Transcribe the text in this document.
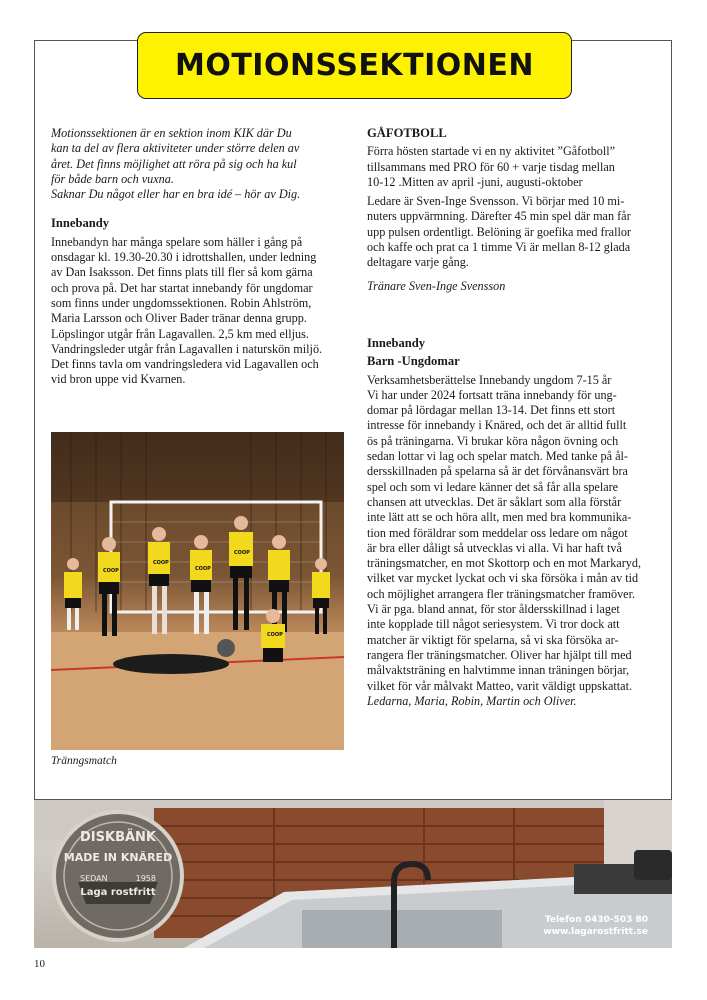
MOTIONSSEKTIONEN

Motionssektionen är en sektion inom KIK där Du

kan ta del av flera aktiviteter under större delen av

året. Det finns möjlighet att röra på sig och ha kul

för både barn och vuxna.

Saknar Du något eller har en bra idé – hör av Dig.

Innebandy

Innebandyn har många spelare som häller i gång på

onsdagar kl. 19.30-20.30 i idrottshallen, under ledning

av Dan Isaksson. Det finns plats till fler så kom gärna

och prova på. Det har startat innebandy för ungdomar

som finns under ungdomssektionen. Robin Ahlström,

Maria Larsson och Oliver Bader tränar denna grupp.

Löpslingor utgår från Lagavallen. 2,5 km med elljus.

Vandringsleder utgår från Lagavallen i naturskön miljö.

Det finns tavla om vandringsledera vid Lagavallen och

vid bron uppe vid Kvarnen.

COOP
COOP
COOP
COOP
COOP
Tränngsmatch

GÅFOTBOLL

Förra hösten startade vi en ny aktivitet ”Gåfotboll”

tillsammans med PRO för 60 + varje tisdag mellan

10-12 .Mitten av april -juni, augusti-oktober

Ledare är Sven-Inge Svensson. Vi börjar med 10 mi-

nuters uppvärmning. Därefter 45 min spel där man får

upp pulsen ordentligt. Belöning är goefika med frallor

och kaffe och prat ca 1 timme Vi är mellan 8-12 glada

deltagare varje gång.

Tränare Sven-Inge Svensson

Innebandy

Barn -Ungdomar

Verksamhetsberättelse Innebandy ungdom 7-15 år

Vi har under 2024 fortsatt träna innebandy för ung-

domar på lördagar mellan 13-14. Det finns ett stort

intresse för innebandy i Knäred, och det är alltid fullt

ös på träningarna. Vi brukar köra någon övning och

sedan lottar vi lag och spelar match. Med tanke på ål-

dersskillnaden på spelarna så är det förvånansvärt bra

spel och som vi ledare känner det så får alla spelare

chansen att utvecklas. Det är såklart som alla förstår

inte lätt att se och höra allt, men med bra kommunika-

tion med föräldrar som meddelar oss ledare om något

är bra eller dåligt så utvecklas vi alla. Vi har haft två

träningsmatcher, en mot Skottorp och en mot Markaryd,

vilket var mycket lyckat och vi ska försöka i mån av tid

och möjlighet arrangera fler träningsmatcher framöver.

Vi är pga. bland annat, för stor åldersskillnad i laget

inte kopplade till något seriesystem. Vi tror dock att

matcher är viktigt för spelarna, så vi ska försöka ar-

rangera fler träningsmatcher. Oliver har hjälpt till med

målvaktsträning en halvtimme innan träningen börjar,

vilket för vår målvakt Matteo, varit väldigt uppskattat.

Ledarna, Maria, Robin, Martin och Oliver.

DISKBÄNK
MADE IN KNÄRED
SEDAN	1958
Laga rostfritt
Telefon 0430-503 80
www.lagarostfritt.se
10
